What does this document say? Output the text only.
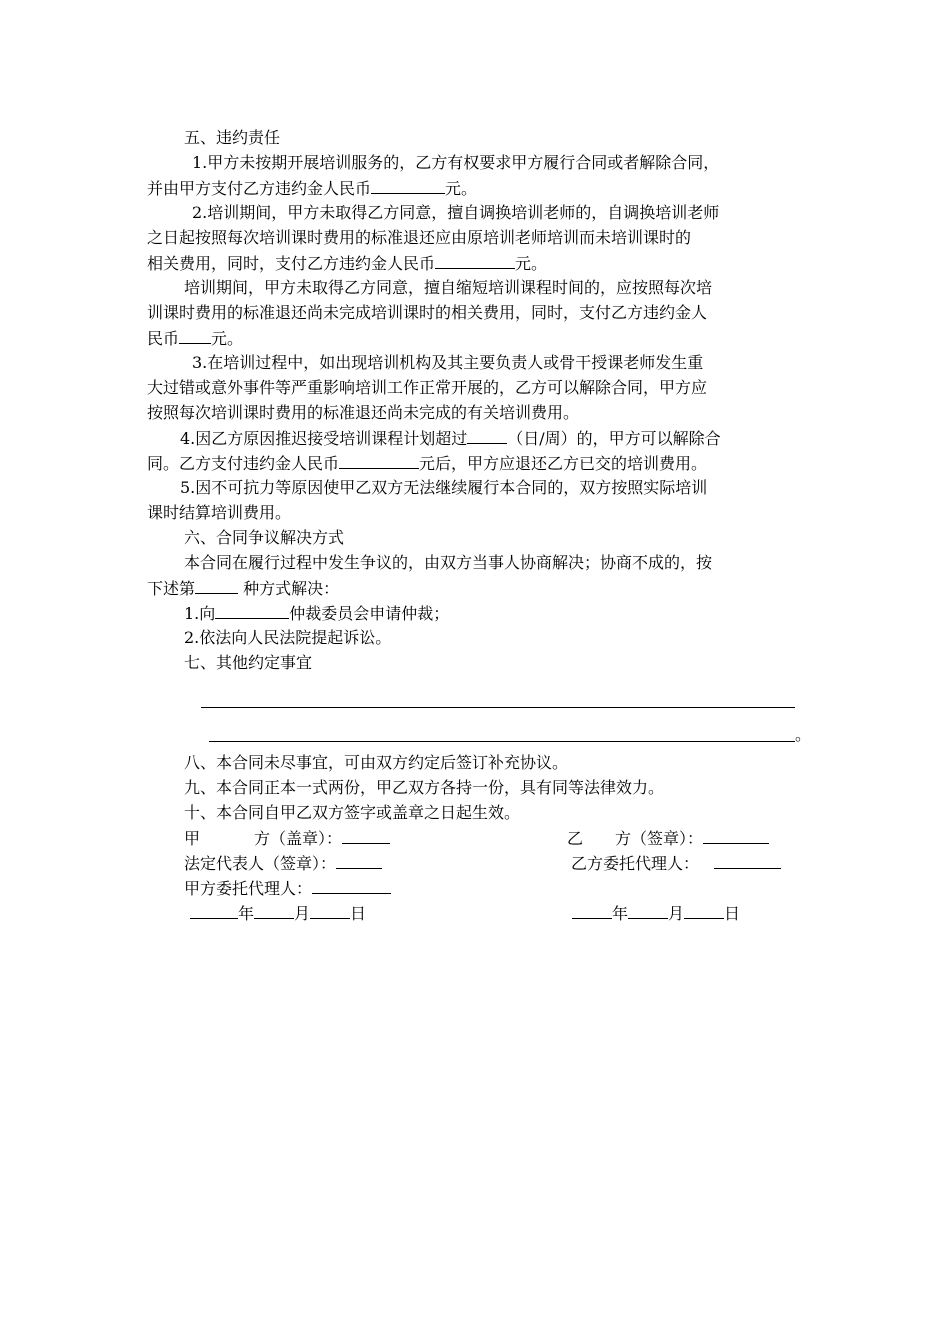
五、违约责任
1.甲方未按期开展培训服务的，乙方有权要求甲方履行合同或者解除合同，
并由甲方支付乙方违约金人民币	元。
2.培训期间，甲方未取得乙方同意，擅自调换培训老师的，自调换培训老师
之日起按照每次培训课时费用的标准退还应由原培训老师培训而未培训课时的
相关费用，同时，支付乙方违约金人民币	元。
培训期间，甲方未取得乙方同意，擅自缩短培训课程时间的，应按照每次培
训课时费用的标准退还尚未完成培训课时的相关费用，同时，支付乙方违约金人
民币 元。
3.在培训过程中，如出现培训机构及其主要负责人或骨干授课老师发生重
大过错或意外事件等严重影响培训工作正常开展的，乙方可以解除合同，甲方应
按照每次培训课时费用的标准退还尚未完成的有关培训费用。
4.因乙方原因推迟接受培训课程计划超过	（日/周）的，甲方可以解除合
同。乙方支付违约金人民币	元后，甲方应退还乙方已交的培训费用。
5.因不可抗力等原因使甲乙双方无法继续履行本合同的，双方按照实际培训
课时结算培训费用。
六、合同争议解决方式
本合同在履行过程中发生争议的，由双方当事人协商解决；协商不成的，按
下述第	种方式解决：
1.向	仲裁委员会申请仲裁；
2.依法向人民法院提起诉讼。
七、其他约定事宜
。
八、本合同未尽事宜，可由双方约定后签订补充协议。
九、本合同正本一式两份，甲乙双方各持一份，具有同等法律效力。
十、本合同自甲乙双方签字或盖章之日起生效。
甲	方（盖章）：	乙 方（签章）：
法定代表人（签章）：	乙方委托代理人：
甲方委托代理人：
年	月	日	年	月	日
